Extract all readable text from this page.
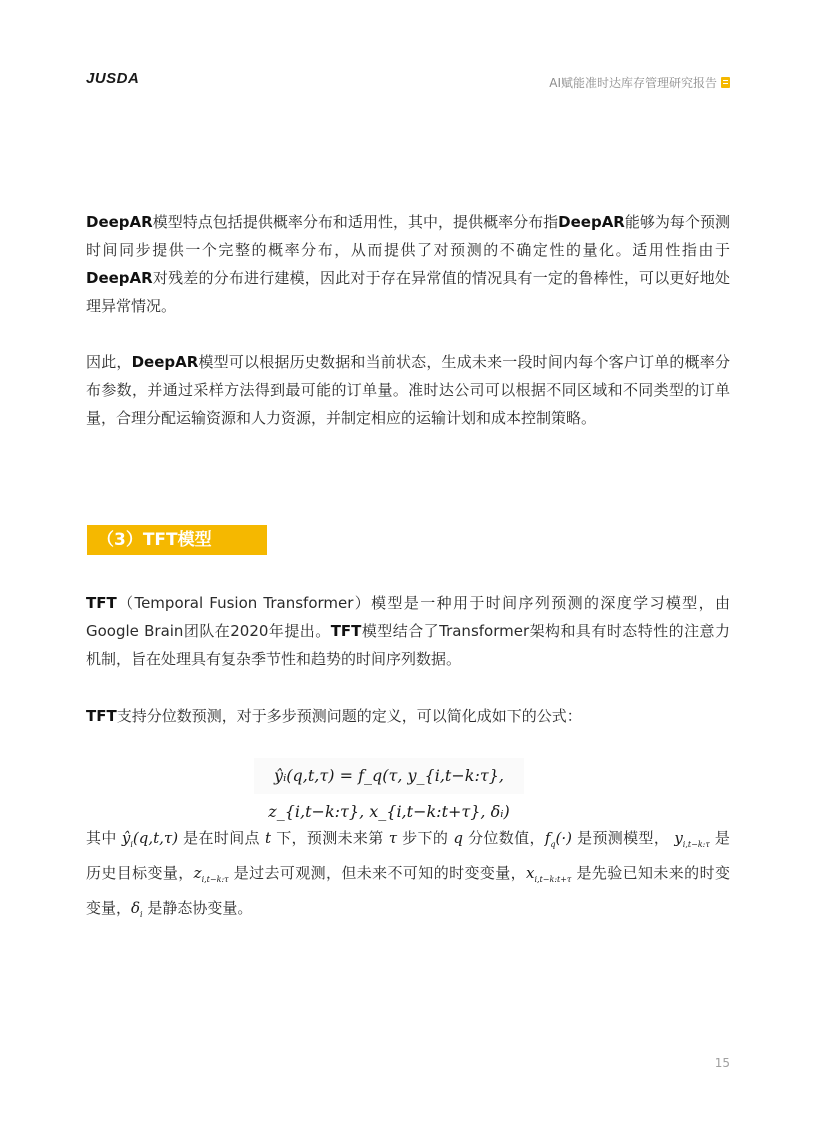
JUSDA	AI赋能准时达库存管理研究报告
DeepAR模型特点包括提供概率分布和适用性，其中，提供概率分布指DeepAR能够为每个预测时间同步提供一个完整的概率分布，从而提供了对预测的不确定性的量化。适用性指由于DeepAR对残差的分布进行建模，因此对于存在异常值的情况具有一定的鲁棒性，可以更好地处理异常情况。
因此，DeepAR模型可以根据历史数据和当前状态，生成未来一段时间内每个客户订单的概率分布参数，并通过采样方法得到最可能的订单量。准时达公司可以根据不同区域和不同类型的订单量，合理分配运输资源和人力资源，并制定相应的运输计划和成本控制策略。
（3）TFT模型
TFT（Temporal Fusion Transformer）模型是一种用于时间序列预测的深度学习模型，由Google Brain团队在2020年提出。TFT模型结合了Transformer架构和具有时态特性的注意力机制，旨在处理具有复杂季节性和趋势的时间序列数据。
TFT支持分位数预测，对于多步预测问题的定义，可以简化成如下的公式：
ŷᵢ(q,t,τ) = f_q(τ, y_{i,t−k:τ}, z_{i,t−k:τ}, x_{i,t−k:t+τ}, δᵢ)
其中 $ŷ_i(q,t,\tau)$ 是在时间点 t 下，预测未来第 τ 步下的 q 分位数值，$f_q(\cdot)$ 是预测模型， $y_{i,t-k:\tau}$ 是历史目标变量，$z_{i,t-k:\tau}$ 是过去可观测，但未来不可知的时变变量，$x_{i,t-k:t+\tau}$ 是先验已知未来的时变变量，$\delta_i$ 是静态协变量。
15
